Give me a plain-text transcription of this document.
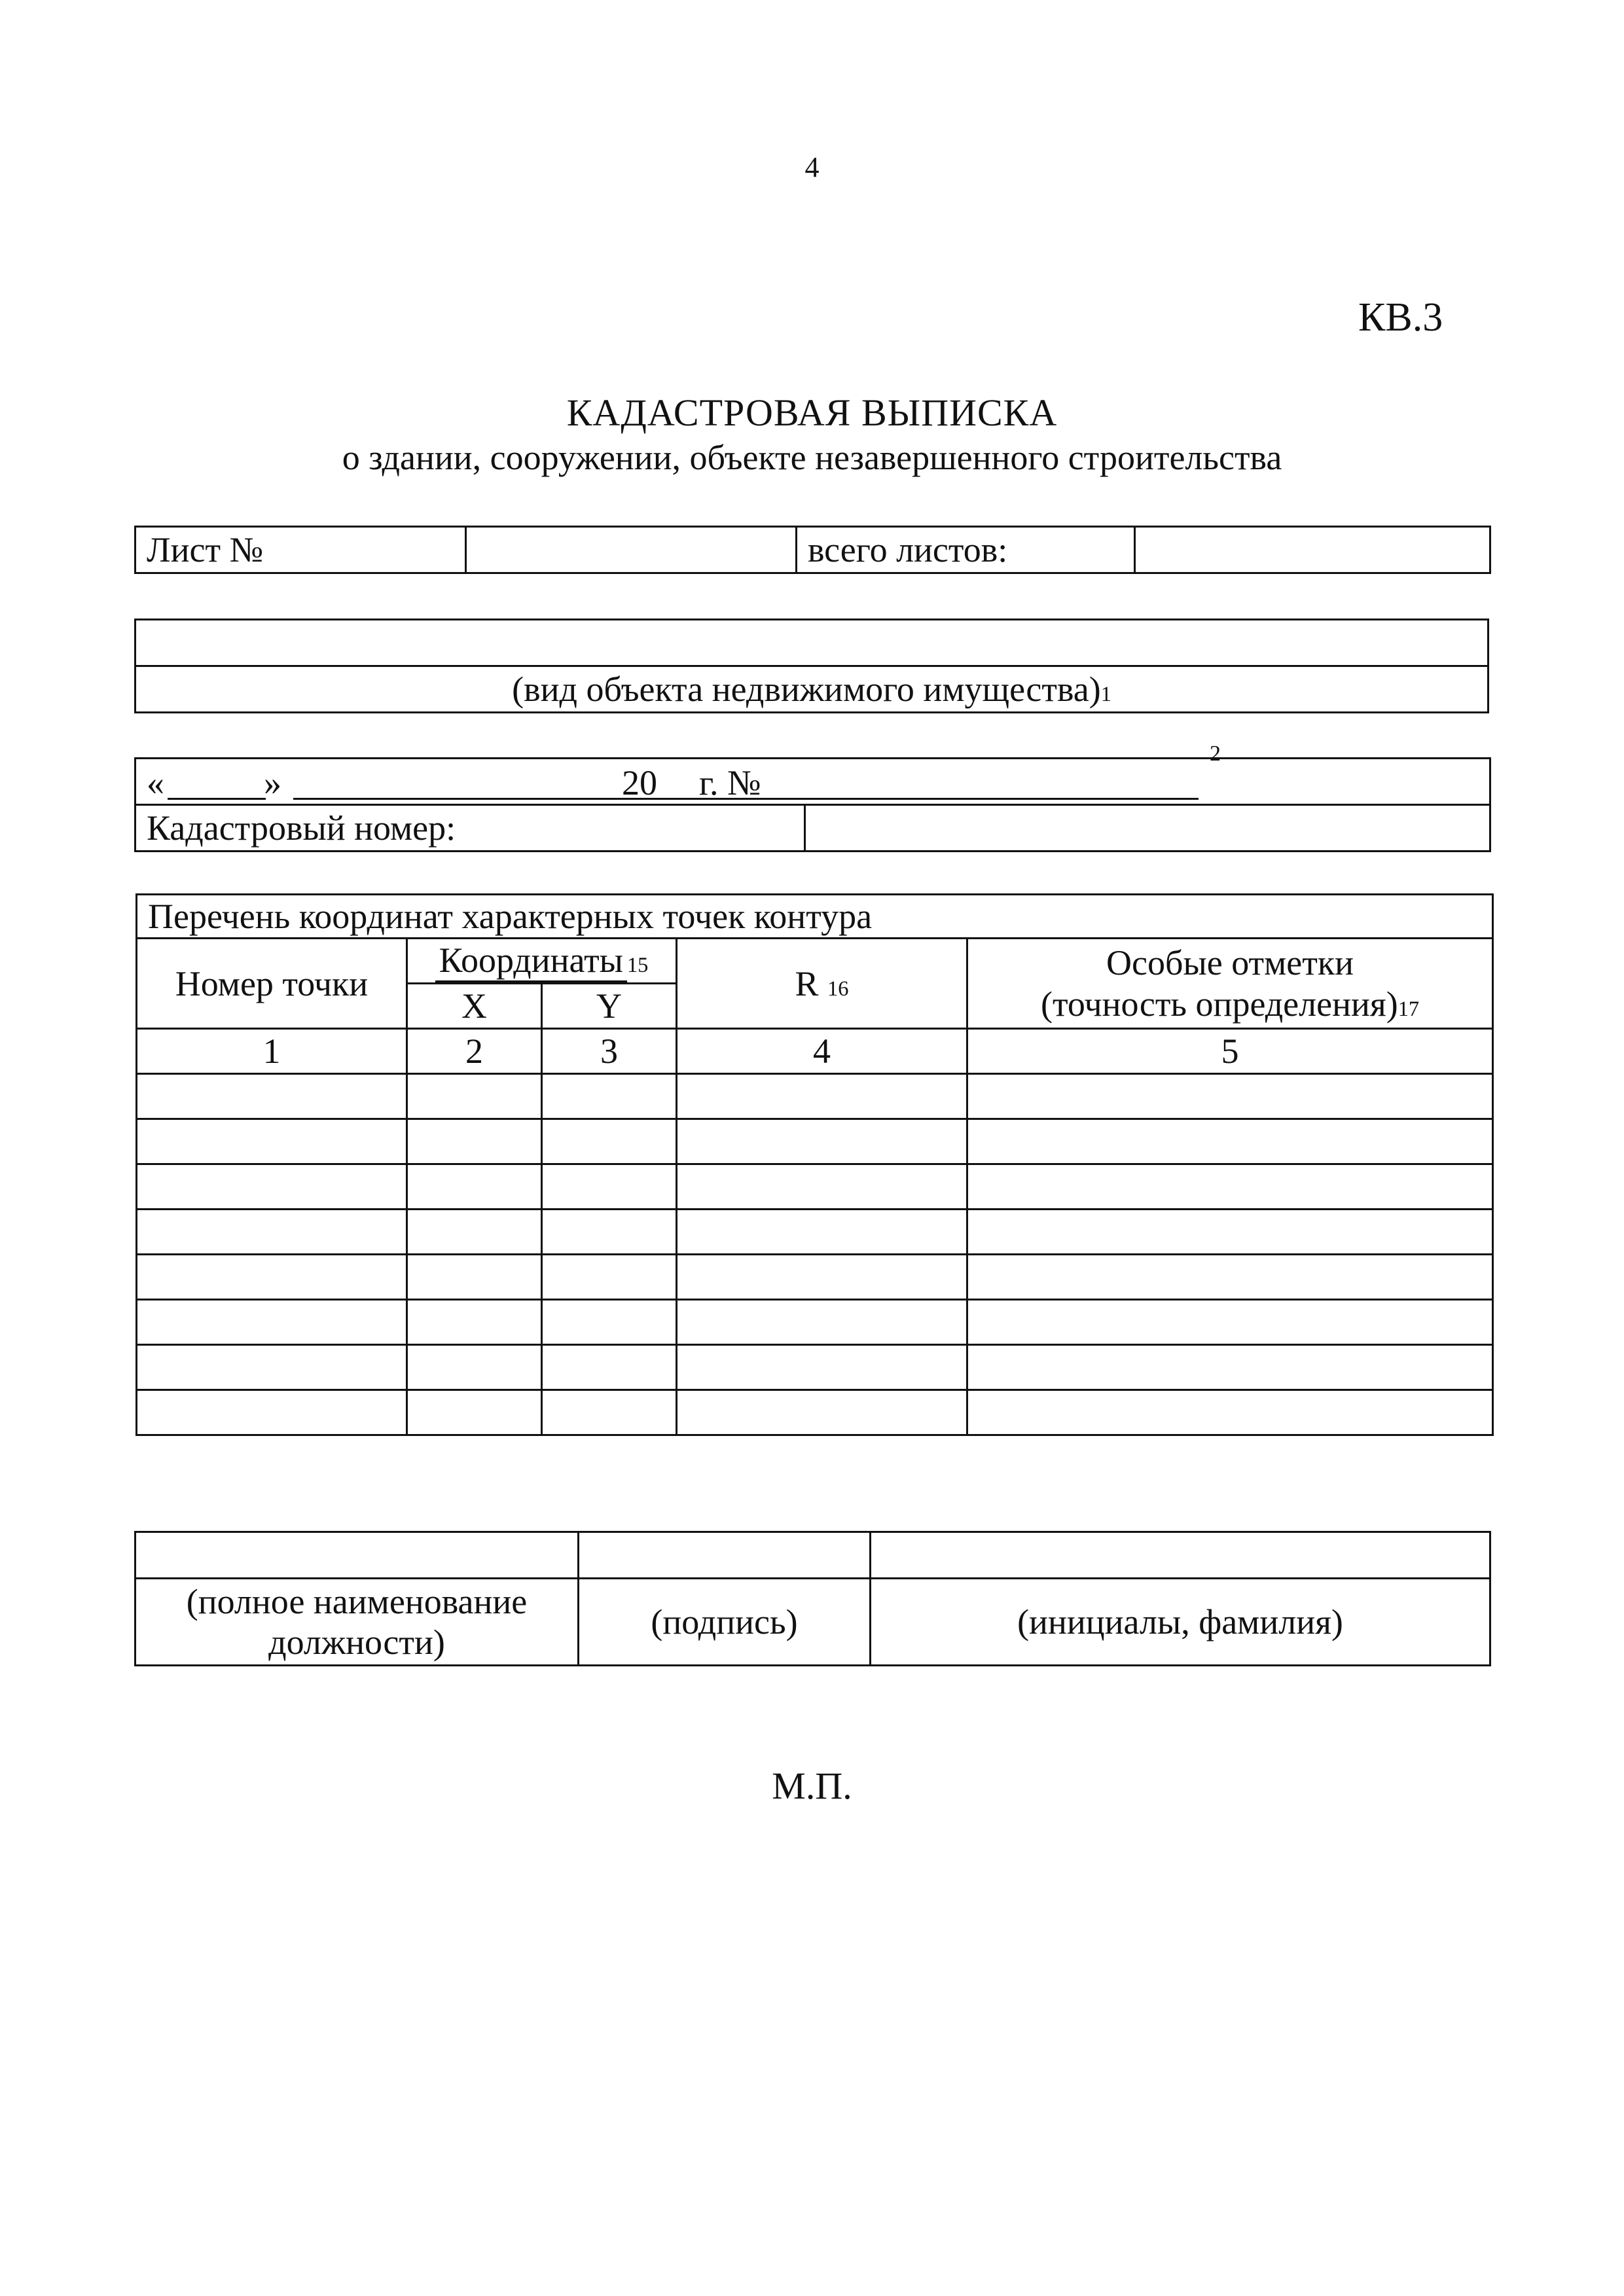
4
КВ.3
КАДАСТРОВАЯ ВЫПИСКА
о здании, сооружении, объекте незавершенного строительства
Лист №		всего листов:	

(вид объекта недвижимого имущества)1
«	»	20 г. №
2

Кадастровый номер:	
Перечень координат характерных точек контура				
Номер точки	Координаты 15		R 16	Особые отметки
(точность определения)17

	X	Y		
1	2	3	4	5

(полное наименование
должности)	(подпись)	(инициалы, фамилия)
М.П.
